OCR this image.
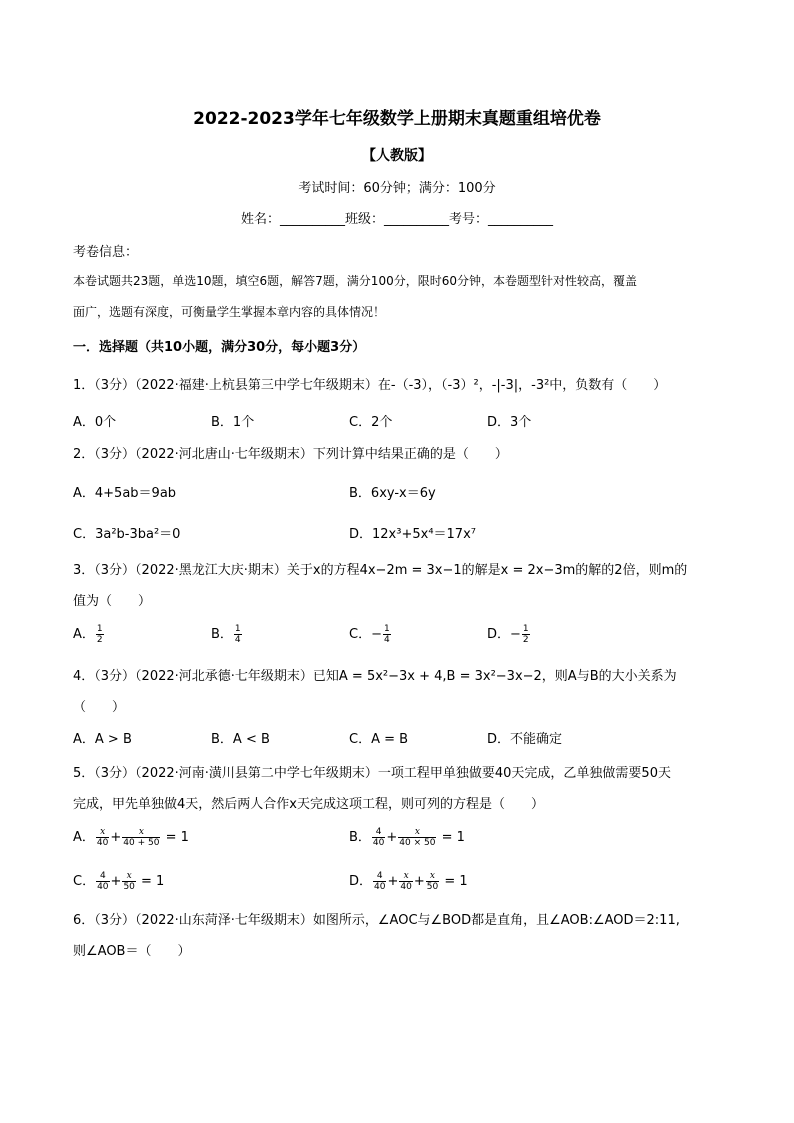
2022-2023学年七年级数学上册期末真题重组培优卷
【人教版】
考试时间：60分钟；满分：100分
姓名：__________班级：__________考号：__________
考卷信息：
本卷试题共23题，单选10题，填空6题，解答7题，满分100分，限时60分钟，本卷题型针对性较高，覆盖
面广，选题有深度，可衡量学生掌握本章内容的具体情况！
一．选择题（共10小题，满分30分，每小题3分）
1．（3分）（2022·福建·上杭县第三中学七年级期末）在-（-3），（-3）²，-|-3|，-3²中，负数有（　　）
A．0个	B．1个	C．2个	D．3个
2．（3分）（2022·河北唐山·七年级期末）下列计算中结果正确的是（　　）
A．4+5ab＝9ab	B．6xy-x＝6y
C．3a²b-3ba²＝0	D．12x³+5x⁴＝17x⁷
3．（3分）（2022·黑龙江大庆·期末）关于x的方程4x−2m = 3x−1的解是x = 2x−3m的解的2倍，则m的
值为（　　）
A． $\frac{1}{2}$	B． $\frac{1}{4}$	C．− $\frac{1}{4}$	D．− $\frac{1}{2}$
4．（3分）（2022·河北承德·七年级期末）已知A = 5x²−3x + 4,B = 3x²−3x−2，则A与B的大小关系为
（　　）
A．A > B	B．A < B	C．A = B	D．不能确定
5．（3分）（2022·河南·潢川县第二中学七年级期末）一项工程甲单独做要40天完成，乙单独做需要50天
完成，甲先单独做4天，然后两人合作x天完成这项工程，则可列的方程是（　　）
A． $\frac{x}{40} + \frac{x}{40 + 50} = 1$	B． $\frac{4}{40} + \frac{x}{40 \times 50} = 1$
C． $\frac{4}{40} + \frac{x}{50} = 1$	D． $\frac{4}{40} + \frac{x}{40} + \frac{x}{50} = 1$
6．（3分）（2022·山东菏泽·七年级期末）如图所示，∠AOC与∠BOD都是直角，且∠AOB:∠AOD＝2:11,
则∠AOB＝（　　）
